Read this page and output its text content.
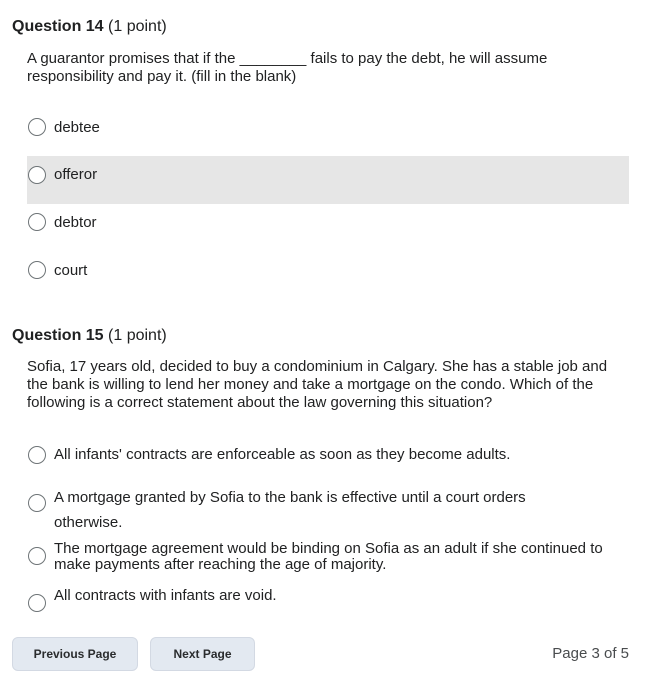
Question 14 (1 point)
A guarantor promises that if the ________ fails to pay the debt, he will assume responsibility and pay it. (fill in the blank)
debtee
offeror
debtor
court
Question 15 (1 point)
Sofia, 17 years old, decided to buy a condominium in Calgary. She has a stable job and the bank is willing to lend her money and take a mortgage on the condo. Which of the following is a correct statement about the law governing this situation?
All infants' contracts are enforceable as soon as they become adults.
A mortgage granted by Sofia to the bank is effective until a court orders otherwise.
The mortgage agreement would be binding on Sofia as an adult if she continued to make payments after reaching the age of majority.
All contracts with infants are void.
Previous Page	Next Page	Page 3 of 5
